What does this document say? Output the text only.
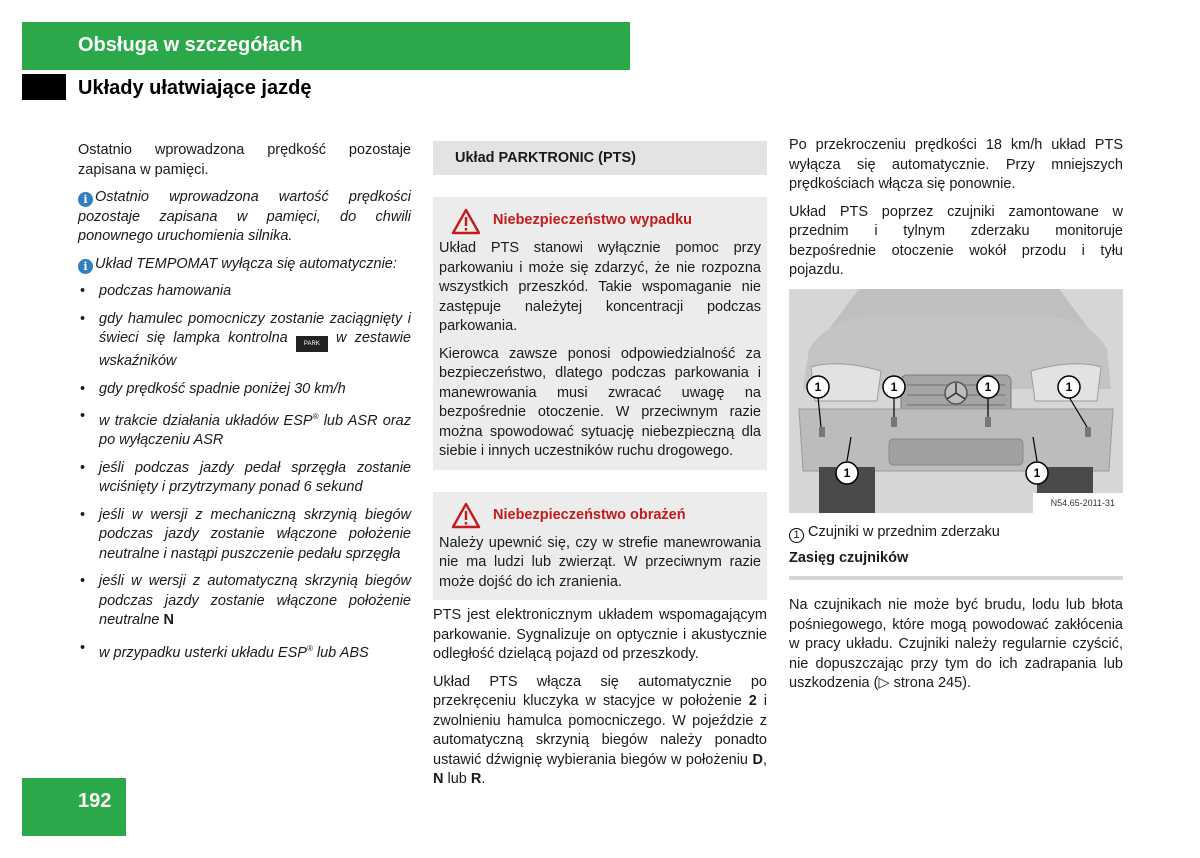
Obsługa w szczegółach
Układy ułatwiające jazdę

Ostatnio wprowadzona prędkość pozostaje zapisana w pamięci.

i Ostatnio wprowadzona wartość prędkości pozostaje zapisana w pamięci, do chwili ponownego uruchomienia silnika.

i Układ TEMPOMAT wyłącza się automatycznie:

• podczas hamowania
• gdy hamulec pomocniczy zostanie zaciągnięty i świeci się lampka kontrolna	PARK w zestawie wskaźników
• gdy prędkość spadnie poniżej 30 km/h
• w trakcie działania układów ESP® lub ASR oraz po wyłączeniu ASR
• jeśli podczas jazdy pedał sprzęgła zostanie wciśnięty i przytrzymany ponad 6 sekund
• jeśli w wersji z mechaniczną skrzynią biegów podczas jazdy zostanie włączone położenie neutralne i nastąpi puszczenie pedału sprzęgła
• jeśli w wersji z automatyczną skrzynią biegów podczas jazdy zostanie włączone położenie neutralne N
• w przypadku usterki układu ESP® lub ABS
Układ PARKTRONIC (PTS)
Niebezpieczeństwo wypadku

Układ PTS stanowi wyłącznie pomoc przy parkowaniu i może się zdarzyć, że nie rozpozna wszystkich przeszkód. Takie wspomaganie nie zastępuje należytej koncentracji podczas parkowania.

Kierowca zawsze ponosi odpowiedzialność za bezpieczeństwo, dlatego podczas parkowania i manewrowania musi zwracać uwagę na bezpośrednie otoczenie. W przeciwnym razie można spowodować sytuację niebezpieczną dla siebie i innych uczestników ruchu drogowego.

Niebezpieczeństwo obrażeń

Należy upewnić się, czy w strefie manewrowania nie ma ludzi lub zwierząt. W przeciwnym razie może dojść do ich zranienia.

PTS jest elektronicznym układem wspomagającym parkowanie. Sygnalizuje on optycznie i akustycznie odległość dzielącą pojazd od przeszkody.

Układ PTS włącza się automatycznie po przekręceniu kluczyka w stacyjce w położenie 2 i zwolnieniu hamulca pomocniczego. W pojeździe z automatyczną skrzynią biegów należy ponadto ustawić dźwignię wybierania biegów w położeniu D, N lub R.

Po przekroczeniu prędkości 18 km/h układ PTS wyłącza się automatycznie. Przy mniejszych prędkościach włącza się ponownie.

Układ PTS poprzez czujniki zamontowane w przednim i tylnym zderzaku monitoruje bezpośrednie otoczenie wokół przodu i tyłu pojazdu.

1	1	1	1
1	1
N54.65-2011-31

1 Czujniki w przednim zderzaku

Zasięg czujników

Na czujnikach nie może być brudu, lodu lub błota pośniegowego, które mogą powodować zakłócenia w pracy układu. Czujniki należy regularnie czyścić, nie dopuszczając przy tym do ich zadrapania lub uszkodzenia (▷ strona 245).

192
